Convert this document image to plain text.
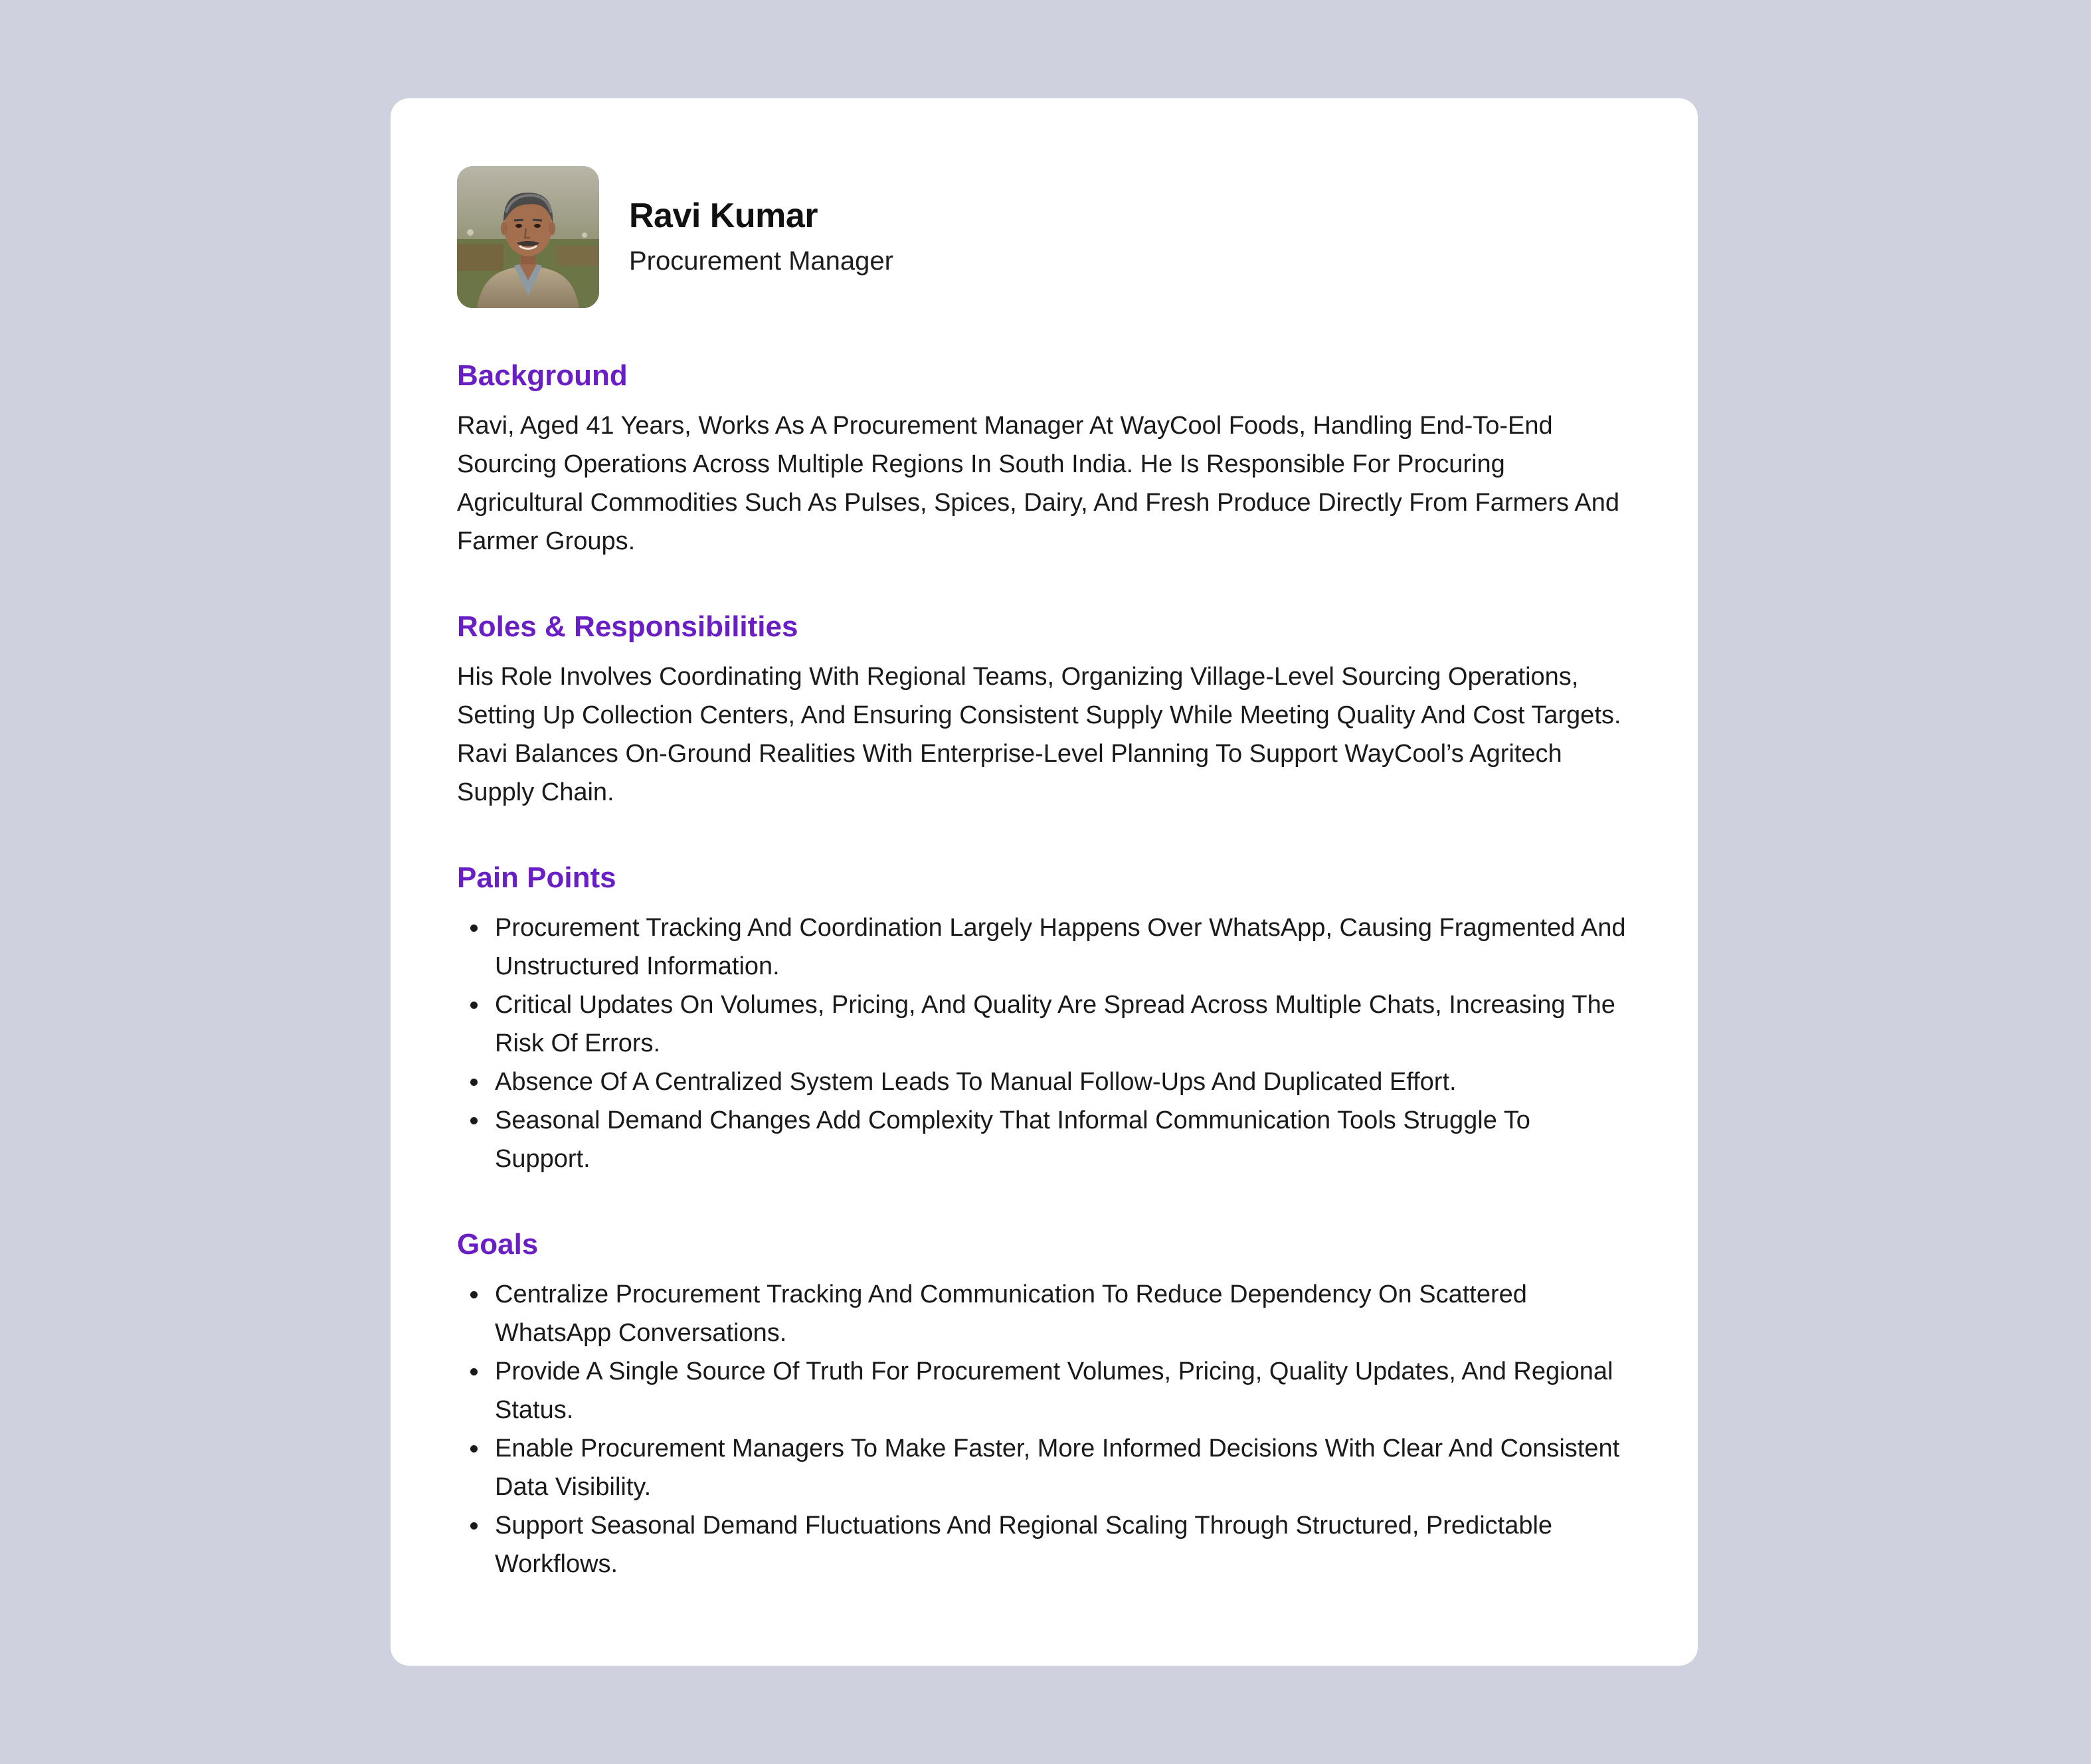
Ravi Kumar
Procurement Manager
Background

Ravi, Aged 41 Years, Works As A Procurement Manager At WayCool Foods, Handling End-To-End Sourcing Operations Across Multiple Regions In South India. He Is Responsible For Procuring Agricultural Commodities Such As Pulses, Spices, Dairy, And Fresh Produce Directly From Farmers And Farmer Groups.

Roles & Responsibilities

His Role Involves Coordinating With Regional Teams, Organizing Village-Level Sourcing Operations, Setting Up Collection Centers, And Ensuring Consistent Supply While Meeting Quality And Cost Targets. Ravi Balances On-Ground Realities With Enterprise-Level Planning To Support WayCool’s Agritech Supply Chain.

Pain Points
Procurement Tracking And Coordination Largely Happens Over WhatsApp, Causing Fragmented And Unstructured Information.
Critical Updates On Volumes, Pricing, And Quality Are Spread Across Multiple Chats, Increasing The Risk Of Errors.
Absence Of A Centralized System Leads To Manual Follow-Ups And Duplicated Effort.
Seasonal Demand Changes Add Complexity That Informal Communication Tools Struggle To Support.
Goals
Centralize Procurement Tracking And Communication To Reduce Dependency On Scattered WhatsApp Conversations.
Provide A Single Source Of Truth For Procurement Volumes, Pricing, Quality Updates, And Regional Status.
Enable Procurement Managers To Make Faster, More Informed Decisions With Clear And Consistent Data Visibility.
Support Seasonal Demand Fluctuations And Regional Scaling Through Structured, Predictable Workflows.
